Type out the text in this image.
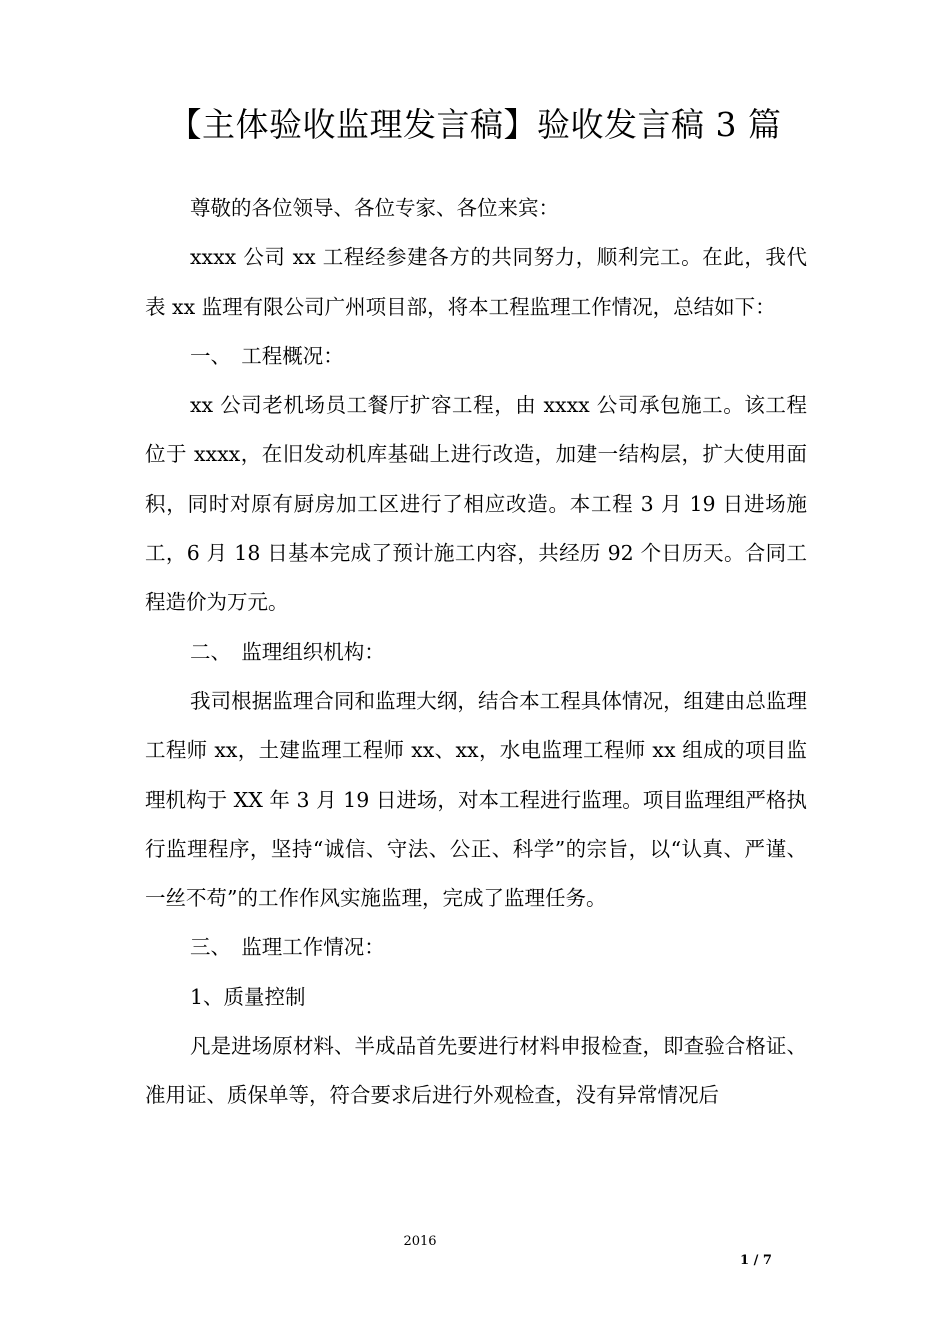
【主体验收监理发言稿】验收发言稿 3 篇

尊敬的各位领导、各位专家、各位来宾：

xxxx 公司 xx 工程经参建各方的共同努力，顺利完工。在此，我代表 xx 监理有限公司广州项目部，将本工程监理工作情况，总结如下：

一、　工程概况：

xx 公司老机场员工餐厅扩容工程，由 xxxx 公司承包施工。该工程位于 xxxx，在旧发动机库基础上进行改造，加建一结构层，扩大使用面积，同时对原有厨房加工区进行了相应改造。本工程 3 月 19 日进场施工，6 月 18 日基本完成了预计施工内容，共经历 92 个日历天。合同工程造价为万元。

二、　监理组织机构：

我司根据监理合同和监理大纲，结合本工程具体情况，组建由总监理工程师 xx，土建监理工程师 xx、xx，水电监理工程师 xx 组成的项目监理机构于 XX 年 3 月 19 日进场，对本工程进行监理。项目监理组严格执行监理程序，坚持“诚信、守法、公正、科学”的宗旨，以“认真、严谨、一丝不苟”的工作作风实施监理，完成了监理任务。

三、　监理工作情况：

1、质量控制

凡是进场原材料、半成品首先要进行材料申报检查，即查验合格证、准用证、质保单等，符合要求后进行外观检查，没有异常情况后

2016
1 / 7
